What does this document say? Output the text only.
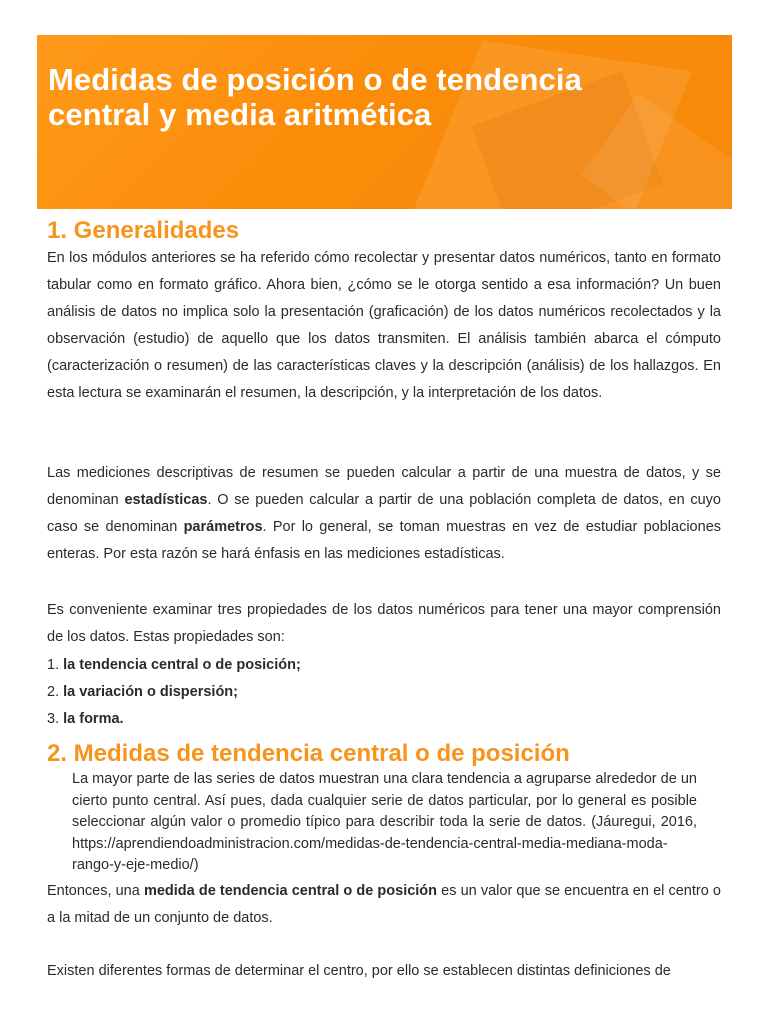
Medidas de posición o de tendencia
central y media aritmética
1. Generalidades

En los módulos anteriores se ha referido cómo recolectar y presentar datos numéricos, tanto en formato tabular como en formato gráfico. Ahora bien, ¿cómo se le otorga sentido a esa información? Un buen análisis de datos no implica solo la presentación (graficación) de los datos numéricos recolectados y la observación (estudio) de aquello que los datos transmiten. El análisis también abarca el cómputo (caracterización o resumen) de las características claves y la descripción (análisis) de los hallazgos. En esta lectura se examinarán el resumen, la descripción, y la interpretación de los datos.

Las mediciones descriptivas de resumen se pueden calcular a partir de una muestra de datos, y se denominan estadísticas. O se pueden calcular a partir de una población completa de datos, en cuyo caso se denominan parámetros. Por lo general, se toman muestras en vez de estudiar poblaciones enteras. Por esta razón se hará énfasis en las mediciones estadísticas.

Es conveniente examinar tres propiedades de los datos numéricos para tener una mayor comprensión de los datos. Estas propiedades son:

1. la tendencia central o de posición;
2. la variación o dispersión;
3. la forma.
2. Medidas de tendencia central o de posición

La mayor parte de las series de datos muestran una clara tendencia a agruparse alrededor de un cierto punto central. Así pues, dada cualquier serie de datos particular, por lo general es posible seleccionar algún valor o promedio típico para describir toda la serie de datos. (Jáuregui, 2016, https://aprendiendoadministracion.com/medidas-de-tendencia-central-media-mediana-moda-rango-y-eje-medio/)

Entonces, una medida de tendencia central o de posición es un valor que se encuentra en el centro o a la mitad de un conjunto de datos.

Existen diferentes formas de determinar el centro, por ello se establecen distintas definiciones de
